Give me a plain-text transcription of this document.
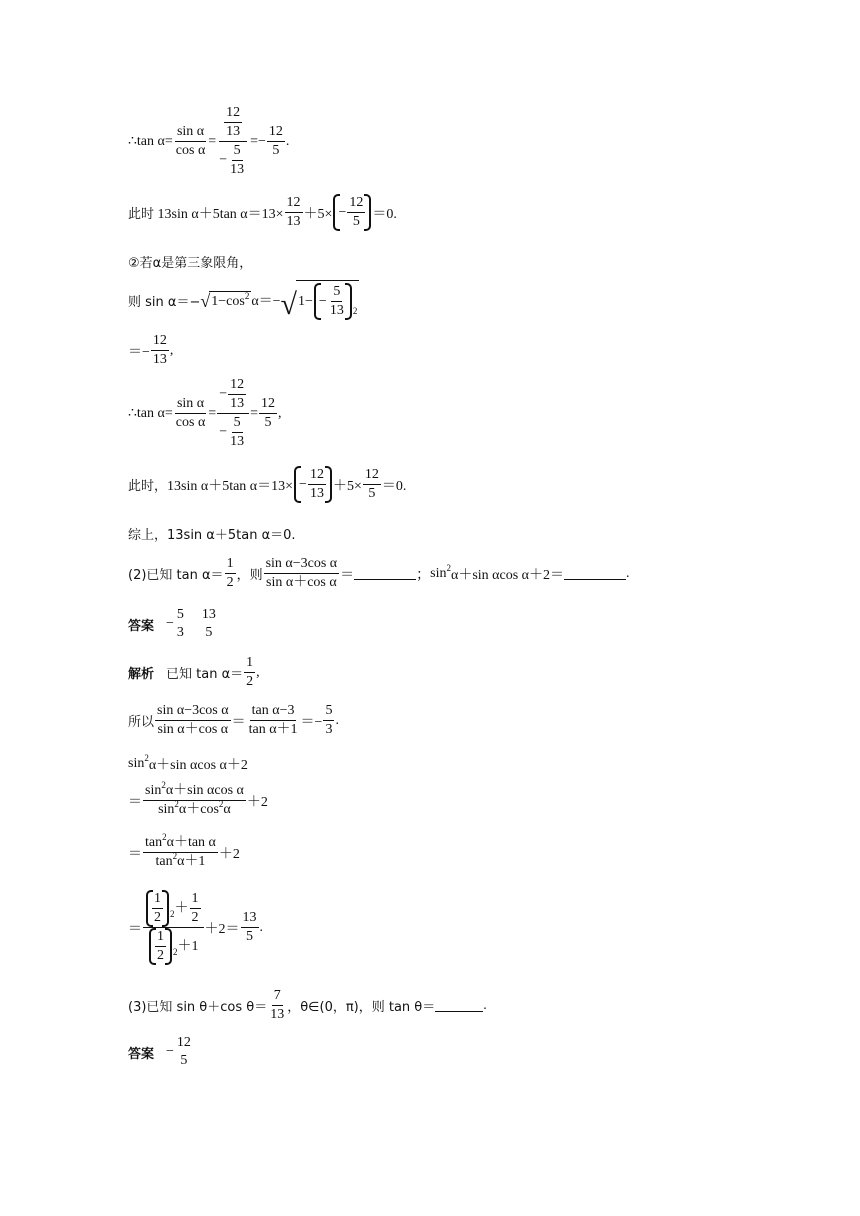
∴ $\tan \alpha = \frac{\text{sin α}}{\text{cos α}} = \frac{\frac{12}{13}}{- \frac{5}{13}}$ = − $\frac{12}{5}$ .
此时
13sin α＋5tan $\alpha =13\times \frac{12}{13} +5\times - \frac{12}{5} =0$.
②若α是第三象限角，
则 sin α＝− √ 1−cos 2 α＝− √ $1- - \frac{5}{13} 2$
＝− $\frac{12}{13}$ ,
∴ $\tan \alpha = \frac{\text{sin α}}{\text{cos α}} = \frac{- \frac{12}{13}}{- \frac{5}{13}} = \frac{12}{5}$ ,
此时， 13sin α＋5tan $\alpha =13\times - \frac{12}{13} +5\times \frac{12}{5} =0$.
综上，13sin α＋5tan α＝0.
(2)已知 $\tan \alpha= \frac{1}{2}$ ，则 $\frac{\text{sin α−3cos α}}{\text{sin α＋cos α}}$ ＝	； sin 2 α＋sin αcos α＋2＝	.
答案 −
5
3
13
5
解析 已知 $\tan \alpha= \frac{1}{2}$ ,
所以 $\frac{\text{sin α−3cos α}}{\text{sin α＋cos α}} = \frac{\text{tan α−3}}{\text{tan α＋1}} =- \frac{5}{3}$ .
sin 2 α＋sin αcos α＋2
＝ $\frac{\sin^2\alpha+\sin \alpha\cos \alpha}{\sin^2\alpha+\cos^2\alpha} +2$
＝ $\frac{\tan^2\alpha+\tan \alpha}{\tan^2\alpha+1} +2$
＝
$\frac{1}{2} 2 + \frac{1}{2}$
$\frac{1}{2} 2 +1$
$+2= \frac{13}{5}$ .
(3)已知 sin θ＋cos $\theta= \frac{7}{13}$ ，θ∈(0，π)，则 tan θ＝	.
答案 −
12
5
